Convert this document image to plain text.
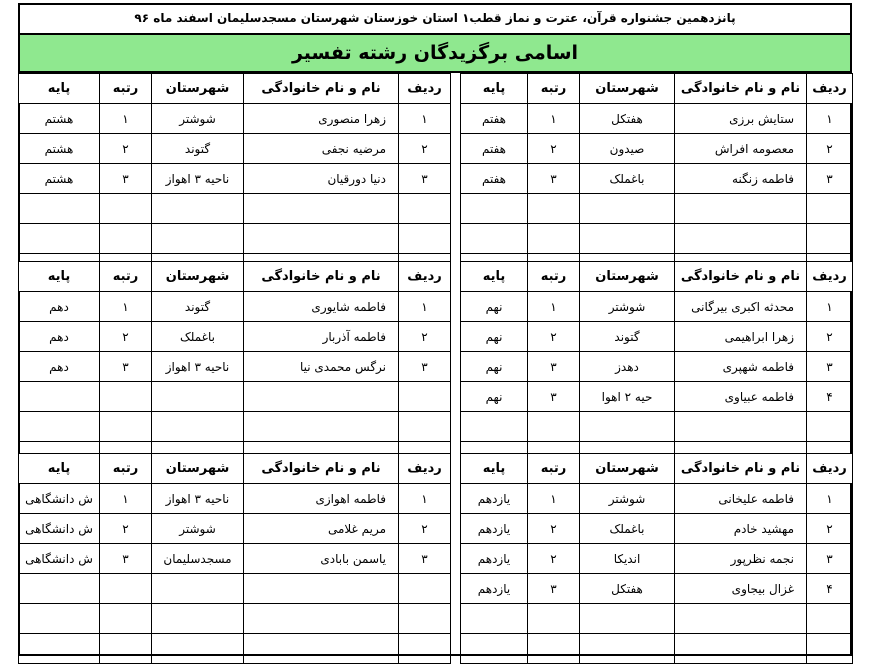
پانزدهمین جشنواره قرآن، عترت و نماز قطب۱ استان خوزستان شهرستان مسجدسلیمان اسفند ماه ۹۶
اسامی برگزیدگان رشته تفسیر
ردیف	نام و نام خانوادگی	شهرستان	رتبه	پایه
۱	ستایش برزی	هفتکل	۱	هفتم
۲	معصومه افراش	صیدون	۲	هفتم
۳	فاطمه زنگنه	باغملک	۳	هفتم

ردیف	نام و نام خانوادگی	شهرستان	رتبه	پایه
۱	زهرا منصوری	شوشتر	۱	هشتم
۲	مرضیه نجفی	گتوند	۲	هشتم
۳	دنیا دورقیان	ناحیه ۳ اهواز	۳	هشتم

ردیف	نام و نام خانوادگی	شهرستان	رتبه	پایه
۱	محدثه اکبری بیرگانی	شوشتر	۱	نهم
۲	زهرا ابراهیمی	گتوند	۲	نهم
۳	فاطمه شهپری	دهدز	۳	نهم
۴	فاطمه عبیاوی	حیه ۲ اهوا	۳	نهم

ردیف	نام و نام خانوادگی	شهرستان	رتبه	پایه
۱	فاطمه شایوری	گتوند	۱	دهم
۲	فاطمه آذربار	باغملک	۲	دهم
۳	نرگس محمدی نیا	ناحیه ۳ اهواز	۳	دهم

ردیف	نام و نام خانوادگی	شهرستان	رتبه	پایه
۱	فاطمه علیخانی	شوشتر	۱	یازدهم
۲	مهشید خادم	باغملک	۲	یازدهم
۳	نجمه نظرپور	اندیکا	۲	یازدهم
۴	غزال بیجاوی	هفتکل	۳	یازدهم

ردیف	نام و نام خانوادگی	شهرستان	رتبه	پایه
۱	فاطمه اهوازی	ناحیه ۳ اهواز	۱	ش دانشگاهی
۲	مریم غلامی	شوشتر	۲	ش دانشگاهی
۳	یاسمن بابادی	مسجدسلیمان	۳	ش دانشگاهی
